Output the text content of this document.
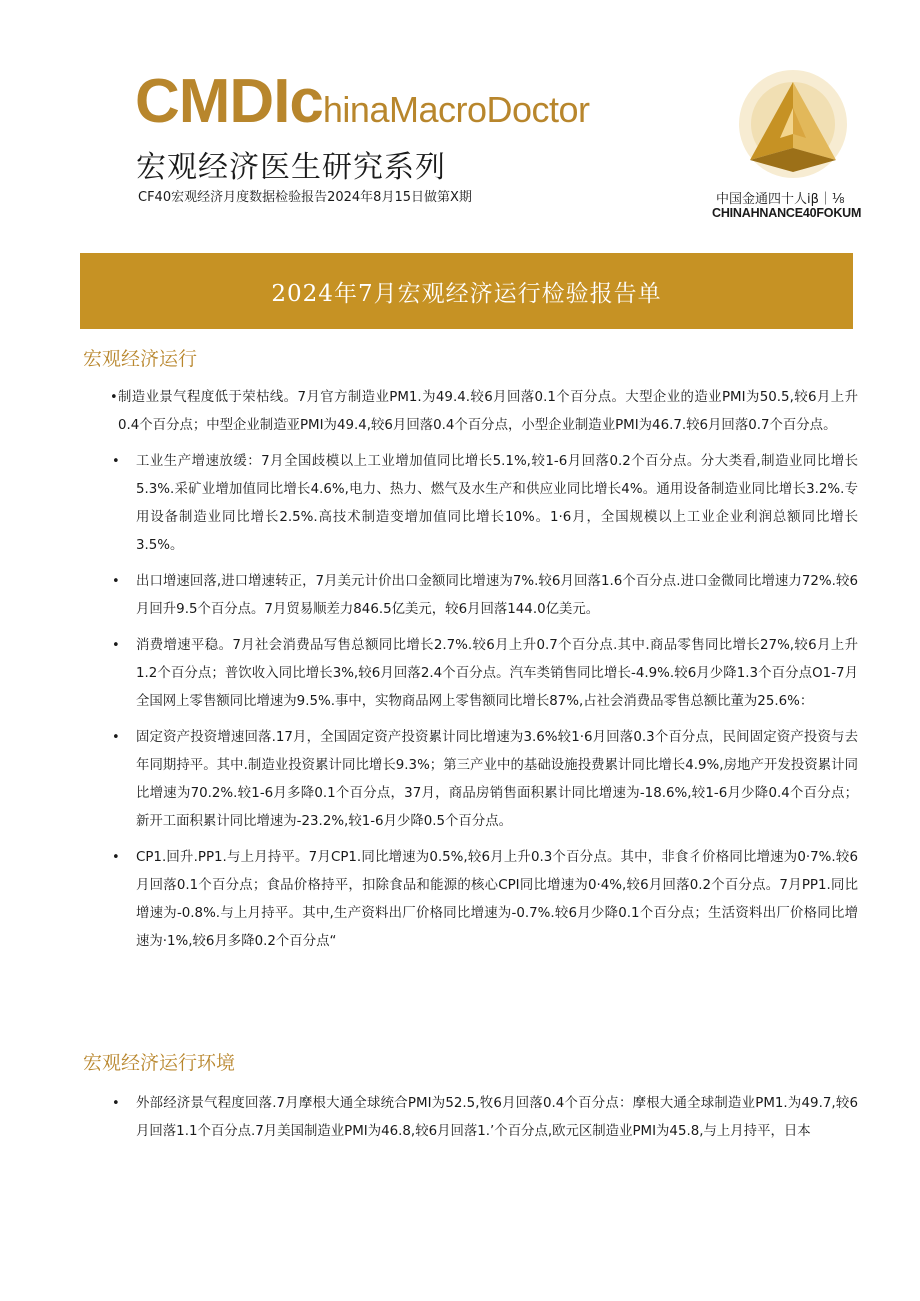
CMDIchinaMacroDoctor
宏观经济医生研究系列
CF40宏观经济月度数据检验报告2024年8月15日做第X期	中国金通四十人iβ｜⅛
CHINAHNANCE40FOKUM
2024年7月宏观经济运行检验报告单
宏观经济运行
• 制造业景气程度低于荣枯线。7月官方制造业PM1.为49.4.较6月回落0.1个百分点。大型企业的造业PMI为50.5,较6月上升0.4个百分点；中型企业制造亚PMI为49.4,较6月回落0.4个百分点，小型企业制造业PMI为46.7.较6月回落0.7个百分点。
• 工业生产增速放缓：7月全国歧模以上工业增加值同比增长5.1%,较1-6月回落0.2个百分点。分大类看,制造业同比增长5.3%.采矿业增加值同比增长4.6%,电力、热力、燃气及水生产和供应业同比增长4%。通用设备制造业同比增长3.2%.专用设备制造业同比增长2.5%.高技术制造变增加值同比增长10%。1·6月，全国规模以上工业企业利润总额同比增长3.5%。
• 出口增速回落,进口增速转正，7月美元计价出口金额同比增速为7%.较6月回落1.6个百分点.进口金微同比增速力72%.较6月回升9.5个百分点。7月贸易顺差力846.5亿美元，较6月回落144.0亿美元。
• 消费增速平稳。7月社会消费品写售总额同比增长2.7%.较6月上升0.7个百分点.其中.商品零售同比增长27%,较6月上升1.2个百分点；普饮收入同比增长3%,较6月回落2.4个百分点。汽车类销售同比增长-4.9%.较6月少降1.3个百分点O1-7月全国网上零售额同比增速为9.5%.事中，实物商品网上零售额同比增长87%,占社会消费品零售总额比董为25.6%：
• 固定资产投资增速回落.17月，全国固定资产投资累计同比增速为3.6%较1·6月回落0.3个百分点，民间固定资产投资与去年同期持平。其中.制造业投资累计同比增长9.3%；第三产业中的基础设施投费累计同比增长4.9%,房地产开发投资累计同比增速为70.2%.较1-6月多降0.1个百分点，37月，商品房销售面积累计同比增速为-18.6%,较1-6月少降0.4个百分点；新开工面积累计同比增速为-23.2%,较1-6月少降0.5个百分点。
• CP1.回升.PP1.与上月持平。7月CP1.同比增速为0.5%,较6月上升0.3个百分点。其中，非食彳价格同比增速为0·7%.较6月回落0.1个百分点；食品价格持平，扣除食品和能源的核心CPI同比增速为0·4%,较6月回落0.2个百分点。7月PP1.同比增速为-0.8%.与上月持平。其中,生产资料出厂价格同比增速为-0.7%.较6月少降0.1个百分点；生活资料出厂价格同比增速为·1%,较6月多降0.2个百分点“
宏观经济运行环境
• 外部经济景气程度回落.7月摩根大通全球统合PMI为52.5,牧6月回落0.4个百分点：摩根大通全球制造业PM1.为49.7,较6月回落1.1个百分点.7月美国制造业PMI为46.8,较6月回落1.’个百分点,欧元区制造业PMI为45.8,与上月持平，日本
